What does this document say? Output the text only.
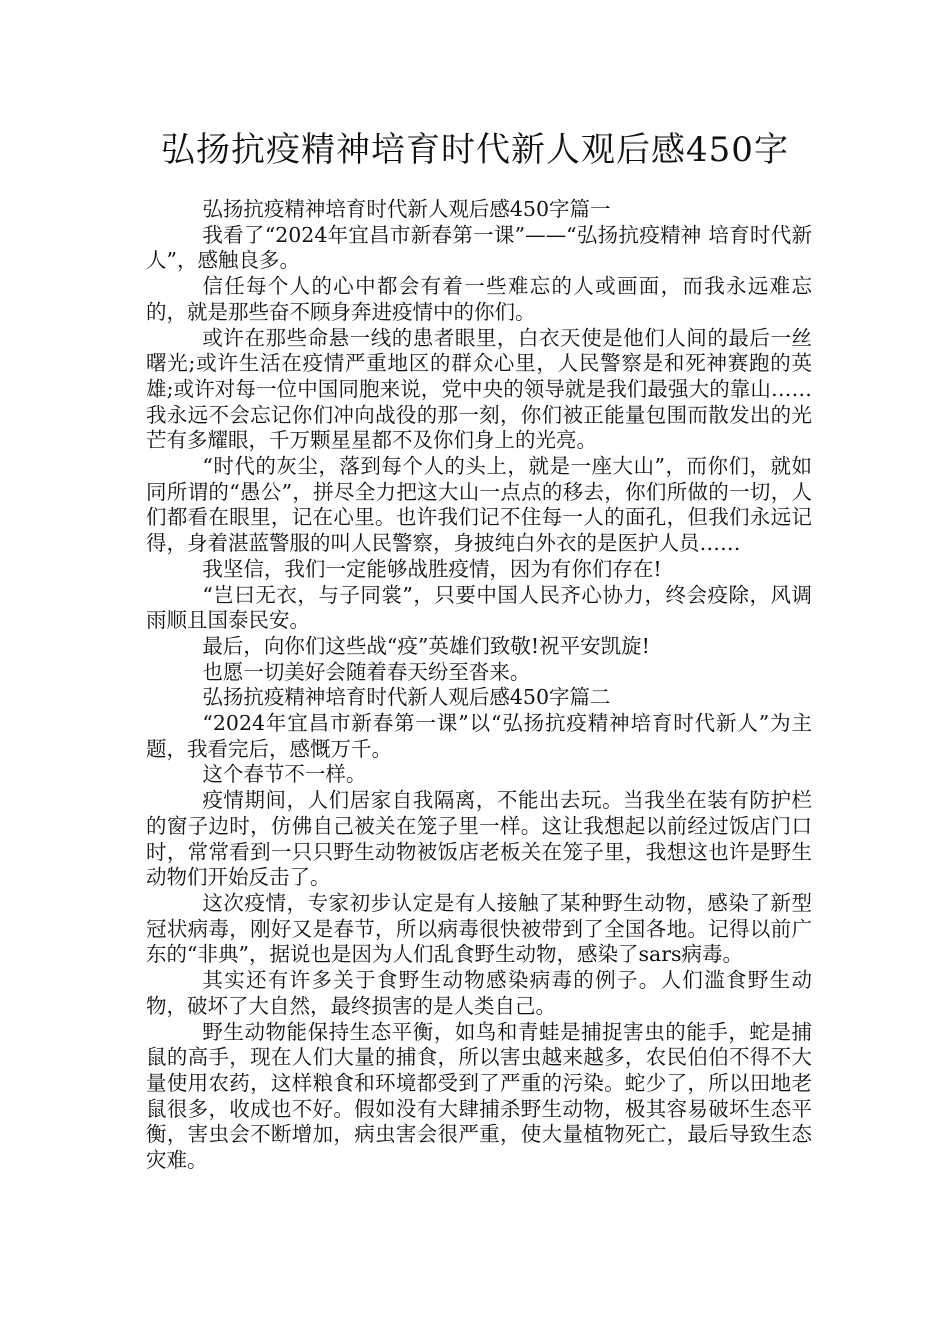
弘扬抗疫精神培育时代新人观后感450字

弘扬抗疫精神培育时代新人观后感450字篇一

我看了“2024年宜昌市新春第一课”——“弘扬抗疫精神 培育时代新人”，感触良多。

信任每个人的心中都会有着一些难忘的人或画面，而我永远难忘的，就是那些奋不顾身奔进疫情中的你们。

或许在那些命悬一线的患者眼里，白衣天使是他们人间的最后一丝曙光;或许生活在疫情严重地区的群众心里，人民警察是和死神赛跑的英雄;或许对每一位中国同胞来说，党中央的领导就是我们最强大的靠山……我永远不会忘记你们冲向战役的那一刻，你们被正能量包围而散发出的光芒有多耀眼，千万颗星星都不及你们身上的光亮。

“时代的灰尘，落到每个人的头上，就是一座大山”，而你们，就如同所谓的“愚公”，拼尽全力把这大山一点点的移去，你们所做的一切，人们都看在眼里，记在心里。也许我们记不住每一人的面孔，但我们永远记得，身着湛蓝警服的叫人民警察，身披纯白外衣的是医护人员……

我坚信，我们一定能够战胜疫情，因为有你们存在!

“岂曰无衣，与子同裳”，只要中国人民齐心协力，终会疫除，风调雨顺且国泰民安。

最后，向你们这些战“疫”英雄们致敬!祝平安凯旋!

也愿一切美好会随着春天纷至沓来。

弘扬抗疫精神培育时代新人观后感450字篇二

“2024年宜昌市新春第一课”以“弘扬抗疫精神培育时代新人”为主题，我看完后，感慨万千。

这个春节不一样。

疫情期间，人们居家自我隔离，不能出去玩。当我坐在装有防护栏的窗子边时，仿佛自己被关在笼子里一样。这让我想起以前经过饭店门口时，常常看到一只只野生动物被饭店老板关在笼子里，我想这也许是野生动物们开始反击了。

这次疫情，专家初步认定是有人接触了某种野生动物，感染了新型冠状病毒，刚好又是春节，所以病毒很快被带到了全国各地。记得以前广东的“非典”，据说也是因为人们乱食野生动物，感染了sars病毒。

其实还有许多关于食野生动物感染病毒的例子。人们滥食野生动物，破坏了大自然，最终损害的是人类自己。

野生动物能保持生态平衡，如鸟和青蛙是捕捉害虫的能手，蛇是捕鼠的高手，现在人们大量的捕食，所以害虫越来越多，农民伯伯不得不大量使用农药，这样粮食和环境都受到了严重的污染。蛇少了，所以田地老鼠很多，收成也不好。假如没有大肆捕杀野生动物，极其容易破坏生态平衡，害虫会不断增加，病虫害会很严重，使大量植物死亡，最后导致生态灾难。
